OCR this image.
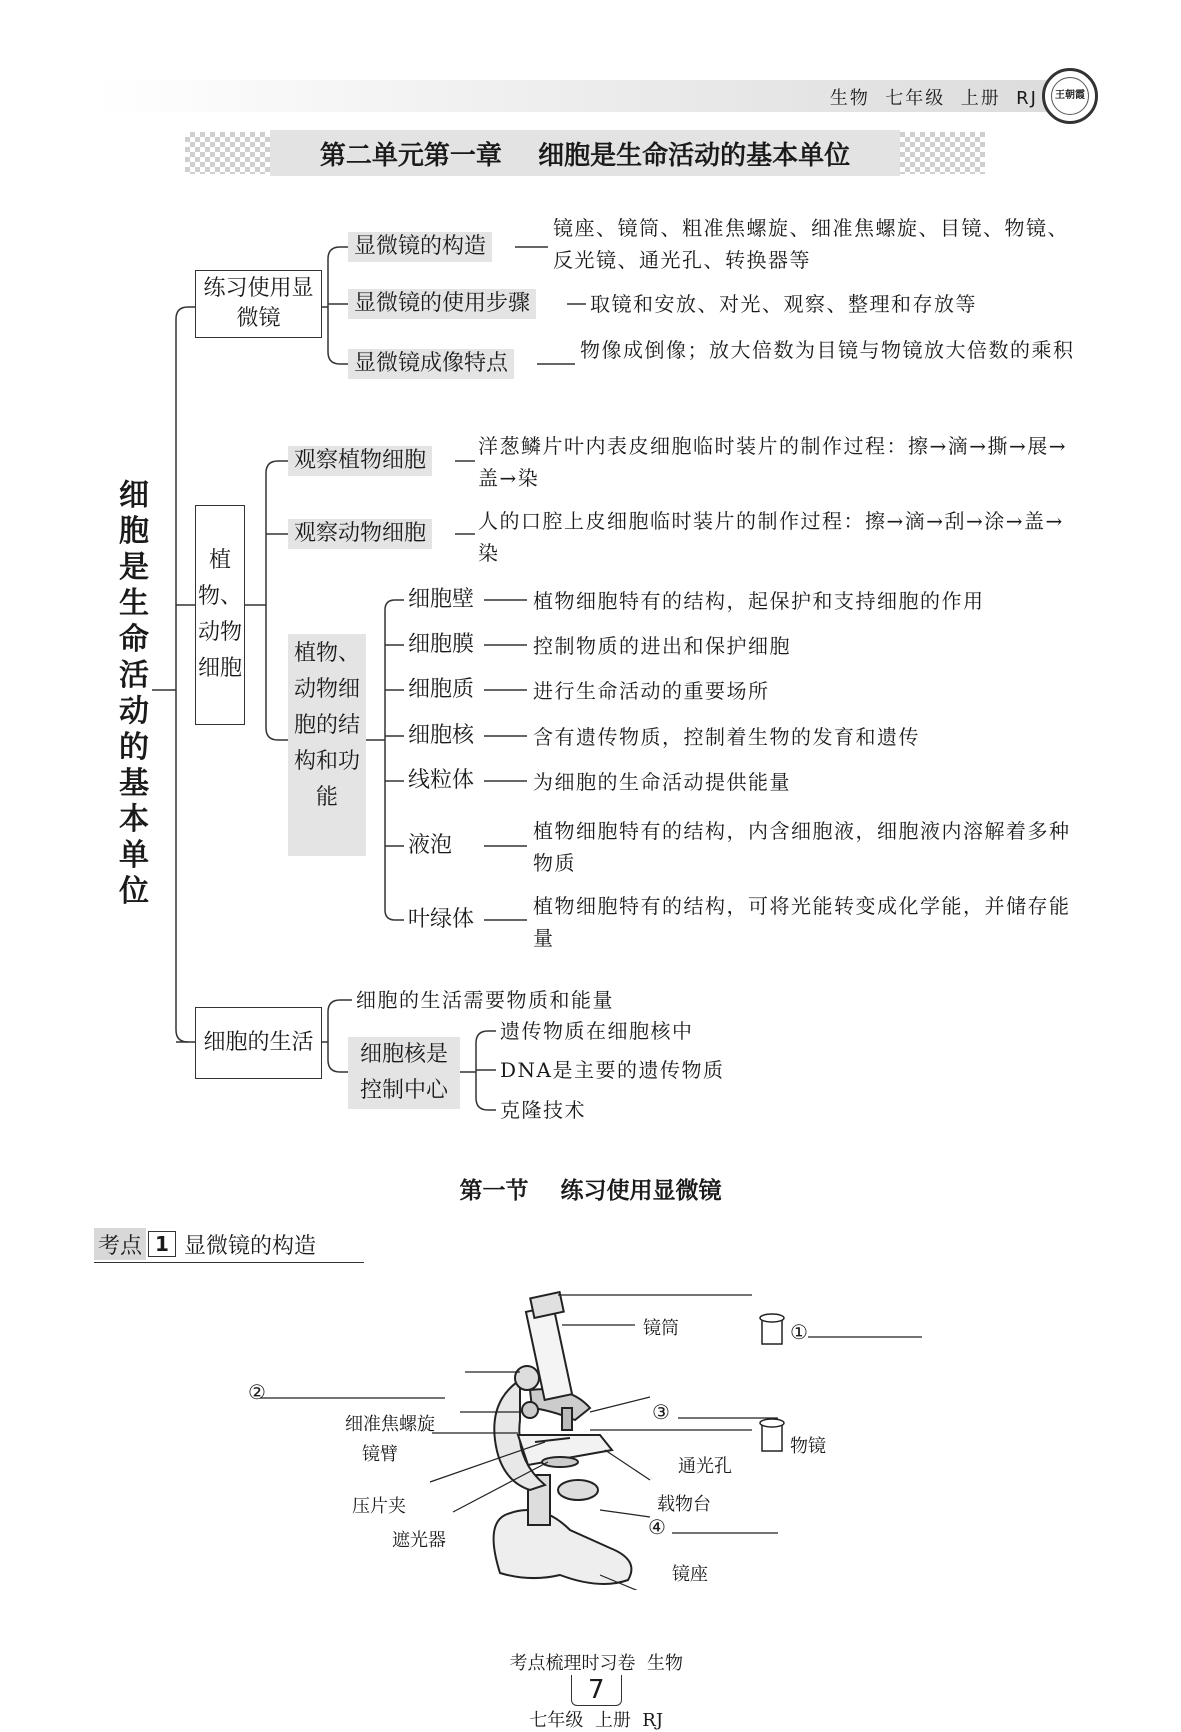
生物  七年级  上册  RJ	王朝霞
第二单元第一章    细胞是生命活动的基本单位
细胞是生命活动的基本单位
练习使用显微镜
显微镜的构造
显微镜的使用步骤
显微镜成像特点
镜座、镜筒、粗准焦螺旋、细准焦螺旋、目镜、物镜、反光镜、通光孔、转换器等
取镜和安放、对光、观察、整理和存放等
物像成倒像；放大倍数为目镜与物镜放大倍数的乘积
植物、动物细胞
观察植物细胞
观察动物细胞
洋葱鳞片叶内表皮细胞临时装片的制作过程：擦→滴→撕→展→盖→染
人的口腔上皮细胞临时装片的制作过程：擦→滴→刮→涂→盖→染
植物、动物细胞的结构和功能
细胞壁
细胞膜
细胞质
细胞核
线粒体
液泡
叶绿体
植物细胞特有的结构，起保护和支持细胞的作用
控制物质的进出和保护细胞
进行生命活动的重要场所
含有遗传物质，控制着生物的发育和遗传
为细胞的生命活动提供能量
植物细胞特有的结构，内含细胞液，细胞液内溶解着多种物质
植物细胞特有的结构，可将光能转变成化学能，并储存能量
细胞的生活
细胞的生活需要物质和能量
细胞核是控制中心
遗传物质在细胞核中
DNA是主要的遗传物质
克隆技术
第一节    练习使用显微镜
考点 1 显微镜的构造
镜筒
细准焦螺旋
镜臂
压片夹
遮光器
通光孔
载物台
镜座
物镜
①
②
③
④

考点梳理时习卷  生物
7
七年级  上册  RJ
